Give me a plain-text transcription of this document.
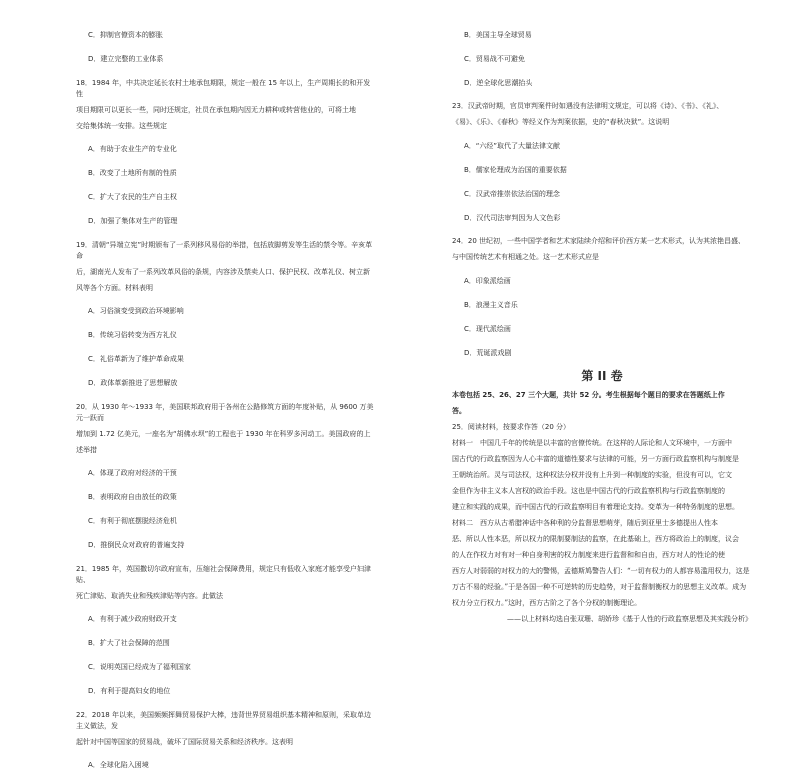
C．抑制官僚资本的膨胀
D．建立完整的工业体系
18．1984 年，中共决定延长农村土地承包期限，规定一般在 15 年以上，生产周期长的和开发性
项目期限可以更长一些，同时还规定，社员在承包期内因无力耕种或转营他业的，可将土地
交给集体统一安排。这些规定
A．有助于农业生产的专业化
B．改变了土地所有制的性质
C．扩大了农民的生产自主权
D．加强了集体对生产的管理
19．清朝“异端立宪”时期颁布了一系列移风易俗的举措，包括放脚剪发等生活的禁令等。辛亥革命
后，湖南光人发布了一系列改革风俗的条规，内容涉及禁卖人口、保护民权、改革礼仪、树立新
风等各个方面。材料表明
A．习俗演变受到政治环境影响
B．传统习俗转变为西方礼仪
C．礼俗革新为了维护革命成果
D．政体革新推进了思想解放
20．从 1930 年～1933 年，美国联邦政府用于各州在公路修筑方面的年度补贴，从 9600 万美元一跃而
增加到 1.72 亿美元，一座名为“胡佛水坝”的工程也于 1930 年在科罗多河动工。美国政府的上
述举措
A．体现了政府对经济的干预
B．表明政府自由放任的政策
C．有利于彻底摆脱经济危机
D．推倒民众对政府的普遍支持
21．1985 年，英国撒切尔政府宣布，压缩社会保障费用，规定只有低收入家庭才能享受户妇津贴、
死亡津贴、取消失业和残疾津贴等内容。此做法
A．有利于减少政府财政开支
B．扩大了社会保障的范围
C．说明英国已经成为了福利国家
D．有利于提高妇女的地位
22．2018 年以来，美国频频挥舞贸易保护大棒，违背世界贸易组织基本精神和原则，采取单边主义做法，发
起针对中国等国家的贸易战，破坏了国际贸易关系和经济秩序。这表明
A．全球化陷入困境
B．美国主导全球贸易
C．贸易战不可避免
D．逆全球化思潮抬头
23．汉武帝时期，官员审判案件时如遇没有法律明文规定，可以将《诗》、《书》、《礼》、
《易》、《乐》、《春秋》等经义作为判案依据，史的“春秋决狱”。这说明
A．“六经”取代了大量法律文献
B．儒家伦理成为治国的重要依据
C．汉武帝推崇依法治国的理念
D．汉代司法审判因为人文色彩
24．20 世纪初，一些中国学者和艺术家陆续介绍和评价西方某一艺术形式，认为其浓艳昌盛、
与中国传统艺术有相通之处。这一艺术形式应是
A．印象派绘画
B．浪漫主义音乐
C．现代派绘画
D．荒诞派戏剧
第 II 卷
本卷包括 25、26、27 三个大题，共计 52 分。考生根据每个题目的要求在答题纸上作
答。
25．阅读材料，按要求作答（20 分）
材料一　中国几千年的传统是以丰富的官僚传统。在这样的人际论和人文环境中，一方面中
国古代的行政监察因为人心丰富的道德性要求与法律的可能，另一方面行政监察机构与制度是
王朝统治所。灵与司法权，这种权法分权并没有上升到一种制度的实验，但没有可以，它文
金但作为非主义本人宫权的政治手段。这也是中国古代的行政监察机构与行政监察制度的
建立和实践的成果，而中国古代的行政监察明目有着理论支持。变革为一种特务制度的思想。
材料二　西方从古希腊神话中各种利的分监督思想萌芽，随后到亚里士多德提出人性本
恶、所以人性本恶，所以权力的限制要制法的监察，在此基础上，西方将政治上的制度，议会
的人在作权力对有对一种自身利害的权力制度来进行监督和和自由，西方对人的性论的使
西方人对弱弱的对权力的大的警惕，孟德斯鸠警告人们：“一切有权力的人都容易滥用权力，这是
万古不易的经验。”于是各国一种不可逆转的历史趋势，对于监督制衡权力的思想主义改革。成为
权力分立行权力。”这时，西方古阶之了各个分权的制衡理论。
——以上材料均选自张双珊、胡娇珍《基于人性的行政监察思想及其实践分析》
